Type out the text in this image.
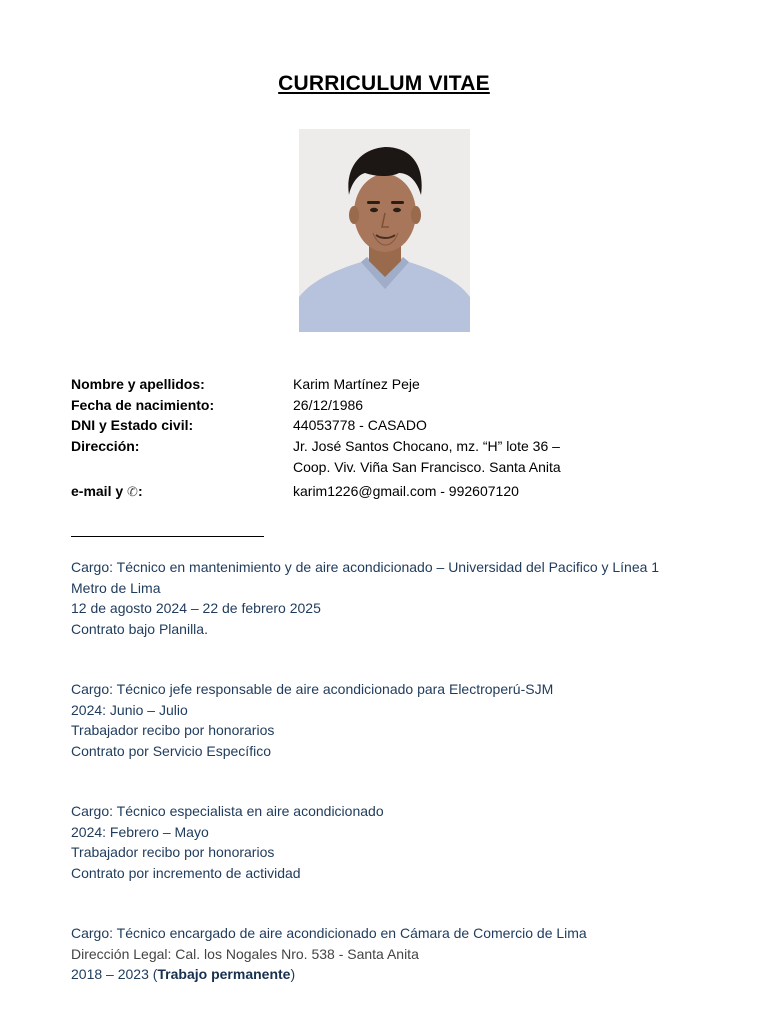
CURRICULUM VITAE
Nombre y apellidos:	Karim Martínez Peje
Fecha de nacimiento:	26/12/1986
DNI y Estado civil:	44053778 - CASADO
Dirección:	Jr. José Santos Chocano, mz. “H” lote 36 –
Coop. Viv. Viña San Francisco. Santa Anita
e-mail y ✆:	karim1226@gmail.com - 992607120
Cargo: Técnico en mantenimiento y de aire acondicionado – Universidad del Pacifico y Línea 1
Metro de Lima
12 de agosto 2024 – 22 de febrero 2025
Contrato bajo Planilla.
Cargo: Técnico jefe responsable de aire acondicionado para Electroperú-SJM
2024: Junio – Julio
Trabajador recibo por honorarios
Contrato por Servicio Específico
Cargo: Técnico especialista en aire acondicionado
2024: Febrero – Mayo
Trabajador recibo por honorarios
Contrato por incremento de actividad
Cargo: Técnico encargado de aire acondicionado en Cámara de Comercio de Lima
Dirección Legal: Cal. los Nogales Nro. 538 - Santa Anita
2018 – 2023 (Trabajo permanente)
